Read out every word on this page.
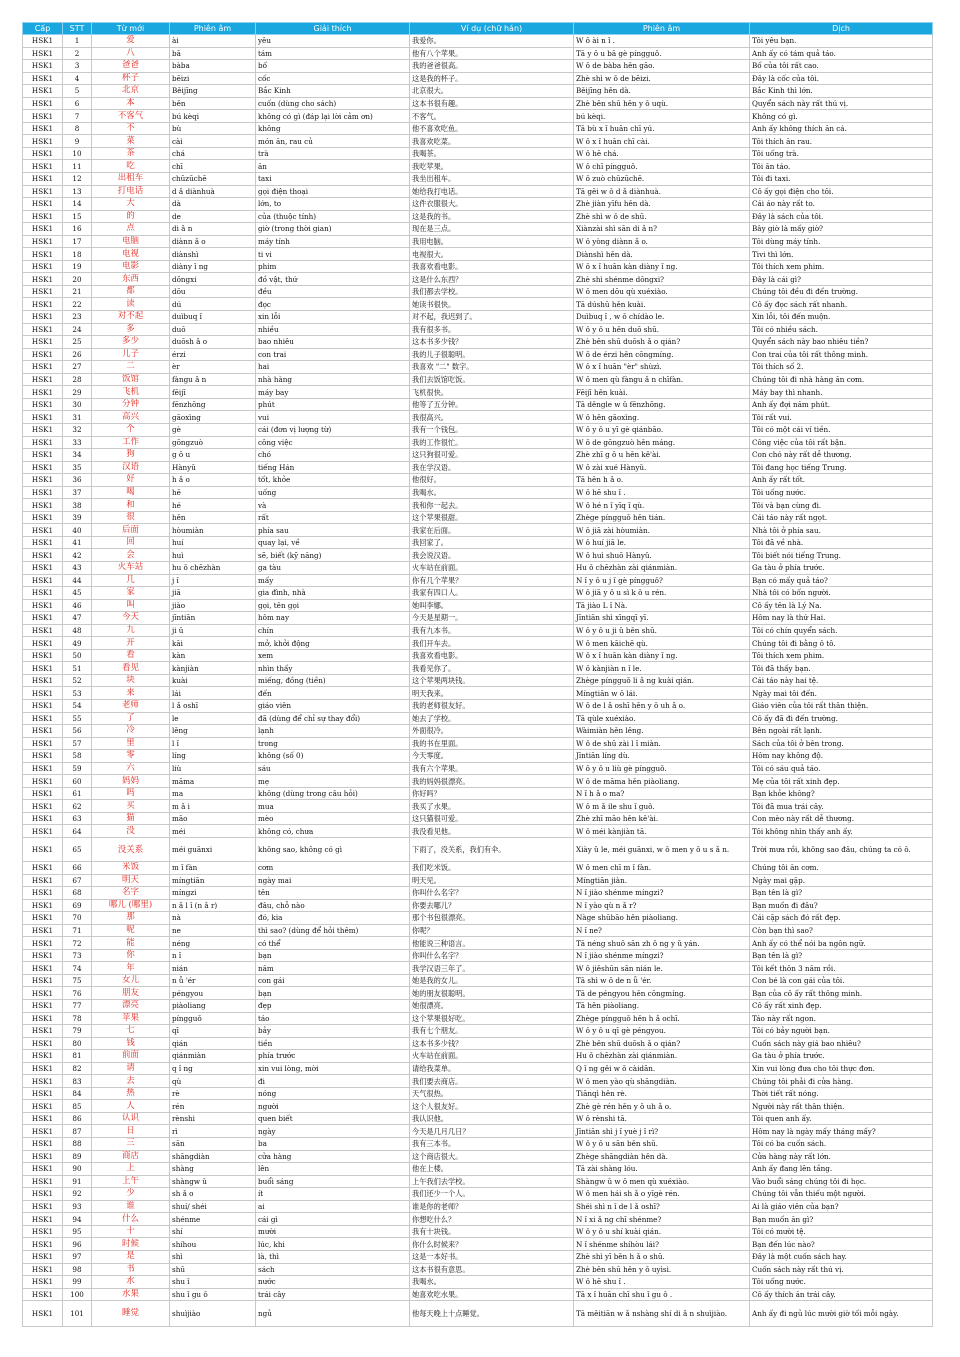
Cấp	STT	Từ mới	Phiên âm	Giải thích	Ví dụ (chữ hán)	Phiên âm	Dịch
HSK1	1	爱	ài	yêu	我爱你。	W ǒ ài n ǐ .	Tôi yêu bạn.
HSK1	2	八	bā	tám	他有八个苹果。	Tā y ǒ u bā gè píngguǒ.	Anh ấy có tám quả táo.
HSK1	3	爸爸	bàba	bố	我的爸爸很高。	W ǒ de bàba hěn gāo.	Bố của tôi rất cao.
HSK1	4	杯子	bēizi	cốc	这是我的杯子。	Zhè shì w ǒ de bēizi.	Đây là cốc của tôi.
HSK1	5	北京	Běijīng	Bắc Kinh	北京很大。	Běijīng hěn dà.	Bắc Kinh thì lớn.
HSK1	6	本	běn	cuốn (dùng cho sách)	这本书很有趣。	Zhè běn shū hěn y ǒ uqù.	Quyển sách này rất thú vị.
HSK1	7	不客气	bú kèqi	không có gì (đáp lại lời cảm ơn)	不客气。	bú kèqi.	Không có gì.
HSK1	8	不	bù	không	他不喜欢吃鱼。	Tā bù x ǐ huān chī yú.	Anh ấy không thích ăn cá.
HSK1	9	菜	cài	món ăn, rau củ	我喜欢吃菜。	W ǒ x ǐ huān chī cài.	Tôi thích ăn rau.
HSK1	10	茶	chá	trà	我喝茶。	W ǒ hē chá.	Tôi uống trà.
HSK1	11	吃	chī	ăn	我吃苹果。	W ǒ chī píngguǒ.	Tôi ăn táo.
HSK1	12	出租车	chūzūchē	taxi	我坐出租车。	W ǒ zuò chūzūchē.	Tôi đi taxi.
HSK1	13	打电话	d ǎ diànhuà	gọi điện thoại	她给我打电话。	Tā gěi w ǒ d ǎ diànhuà.	Cô ấy gọi điện cho tôi.
HSK1	14	大	dà	lớn, to	这件衣服很大。	Zhè jiàn yīfu hěn dà.	Cái áo này rất to.
HSK1	15	的	de	của (thuộc tính)	这是我的书。	Zhè shì w ǒ de shū.	Đây là sách của tôi.
HSK1	16	点	di ǎ n	giờ (trong thời gian)	现在是三点。	Xiànzài shì sān di ǎ n?	Bây giờ là mấy giờ?
HSK1	17	电脑	diànn ǎ o	máy tính	我用电脑。	W ǒ yòng diànn ǎ o.	Tôi dùng máy tính.
HSK1	18	电视	diànshì	ti vi	电视很大。	Diànshì hěn dà.	Tivi thì lớn.
HSK1	19	电影	diàny ǐ ng	phim	我喜欢看电影。	W ǒ x ǐ huān kàn diàny ǐ ng.	Tôi thích xem phim.
HSK1	20	东西	dōngxi	đồ vật, thứ	这是什么东西？	Zhè shì shénme dōngxi?	Đây là cái gì?
HSK1	21	都	dōu	đều	我们都去学校。	W ǒ men dōu qù xuéxiào.	Chúng tôi đều đi đến trường.
HSK1	22	读	dú	đọc	她读书很快。	Tā dúshū hěn kuài.	Cô ấy đọc sách rất nhanh.
HSK1	23	对不起	duìbuq ǐ	xin lỗi	对不起，我迟到了。	Duìbuq ǐ , w ǒ chídào le.	Xin lỗi, tôi đến muộn.
HSK1	24	多	duō	nhiều	我有很多书。	W ǒ y ǒ u hěn duō shū.	Tôi có nhiều sách.
HSK1	25	多少	duōsh ǎ o	bao nhiêu	这本书多少钱？	Zhè běn shū duōsh ǎ o qián?	Quyển sách này bao nhiêu tiền?
HSK1	26	儿子	érzi	con trai	我的儿子很聪明。	W ǒ de érzi hěn cōngmíng.	Con trai của tôi rất thông minh.
HSK1	27	二	èr	hai	我喜欢 "二" 数字。	W ǒ x ǐ huān "èr" shùzì.	Tôi thích số 2.
HSK1	28	饭馆	fàngu ǎ n	nhà hàng	我们去饭馆吃饭。	W ǒ men qù fàngu ǎ n chīfàn.	Chúng tôi đi nhà hàng ăn cơm.
HSK1	29	飞机	fēijī	máy bay	飞机很快。	Fēijī hěn kuài.	Máy bay thì nhanh.
HSK1	30	分钟	fēnzhōng	phút	他等了五分钟。	Tā děngle w ǔ fēnzhōng.	Anh ấy đợi năm phút.
HSK1	31	高兴	gāoxìng	vui	我很高兴。	W ǒ hěn gāoxìng.	Tôi rất vui.
HSK1	32	个	gè	cái (đơn vị lượng từ)	我有一个钱包。	W ǒ y ǒ u yī gè qiánbāo.	Tôi có một cái ví tiền.
HSK1	33	工作	gōngzuò	công việc	我的工作很忙。	W ǒ de gōngzuò hěn máng.	Công việc của tôi rất bận.
HSK1	34	狗	g ǒ u	chó	这只狗很可爱。	Zhè zhī g ǒ u hěn kě'ài.	Con chó này rất dễ thương.
HSK1	35	汉语	Hànyǔ	tiếng Hán	我在学汉语。	W ǒ zài xué Hànyǔ.	Tôi đang học tiếng Trung.
HSK1	36	好	h ǎ o	tốt, khỏe	他很好。	Tā hěn h ǎ o.	Anh ấy rất tốt.
HSK1	37	喝	hē	uống	我喝水。	W ǒ hē shu ǐ .	Tôi uống nước.
HSK1	38	和	hé	và	我和你一起去。	W ǒ hé n ǐ yīq ǐ qù.	Tôi và bạn cùng đi.
HSK1	39	很	hěn	rất	这个苹果很甜。	Zhège píngguǒ hěn tián.	Cái táo này rất ngọt.
HSK1	40	后面	hòumiàn	phía sau	我家在后面。	W ǒ jiā zài hòumiàn.	Nhà tôi ở phía sau.
HSK1	41	回	huí	quay lại, về	我回家了。	W ǒ huí jiā le.	Tôi đã về nhà.
HSK1	42	会	huì	sẽ, biết (kỹ năng)	我会说汉语。	W ǒ huì shuō Hànyǔ.	Tôi biết nói tiếng Trung.
HSK1	43	火车站	hu ǒ chēzhàn	ga tàu	火车站在前面。	Hu ǒ chēzhàn zài qiánmiàn.	Ga tàu ở phía trước.
HSK1	44	几	j ǐ	mấy	你有几个苹果？	N ǐ y ǒ u j ǐ gè píngguǒ?	Bạn có mấy quả táo?
HSK1	45	家	jiā	gia đình, nhà	我家有四口人。	W ǒ jiā y ǒ u sì k ǒ u rén.	Nhà tôi có bốn người.
HSK1	46	叫	jiào	gọi, tên gọi	她叫李娜。	Tā jiào L ǐ Nà.	Cô ấy tên là Lý Na.
HSK1	47	今天	jīntiān	hôm nay	今天是星期一。	Jīntiān shì xīngqī yī.	Hôm nay là thứ Hai.
HSK1	48	九	ji ǔ	chín	我有九本书。	W ǒ y ǒ u ji ǔ běn shū.	Tôi có chín quyển sách.
HSK1	49	开	kāi	mở, khởi động	我们开车去。	W ǒ men kāichē qù.	Chúng tôi đi bằng ô tô.
HSK1	50	看	kàn	xem	我喜欢看电影。	W ǒ x ǐ huān kàn diàny ǐ ng.	Tôi thích xem phim.
HSK1	51	看见	kànjiàn	nhìn thấy	我看见你了。	W ǒ kànjiàn n ǐ le.	Tôi đã thấy bạn.
HSK1	52	块	kuài	miếng, đồng (tiền)	这个苹果两块钱。	Zhège píngguǒ li ǎ ng kuài qián.	Cái táo này hai tệ.
HSK1	53	来	lái	đến	明天我来。	Míngtiān w ǒ lái.	Ngày mai tôi đến.
HSK1	54	老师	l ǎ oshī	giáo viên	我的老师很友好。	W ǒ de l ǎ oshī hěn y ǒ uh ǎ o.	Giáo viên của tôi rất thân thiện.
HSK1	55	了	le	đã (dùng để chỉ sự thay đổi)	她去了学校。	Tā qùle xuéxiào.	Cô ấy đã đi đến trường.
HSK1	56	冷	lěng	lạnh	外面很冷。	Wàimiàn hěn lěng.	Bên ngoài rất lạnh.
HSK1	57	里	l ǐ	trong	我的书在里面。	W ǒ de shū zài l ǐ miàn.	Sách của tôi ở bên trong.
HSK1	58	零	líng	không (số 0)	今天零度。	Jīntiān líng dù.	Hôm nay không độ.
HSK1	59	六	liù	sáu	我有六个苹果。	W ǒ y ǒ u liù gè píngguǒ.	Tôi có sáu quả táo.
HSK1	60	妈妈	māma	mẹ	我的妈妈很漂亮。	W ǒ de māma hěn piàoliang.	Mẹ của tôi rất xinh đẹp.
HSK1	61	吗	ma	không (dùng trong câu hỏi)	你好吗？	N ǐ h ǎ o ma?	Bạn khỏe không?
HSK1	62	买	m ǎ i	mua	我买了水果。	W ǒ m ǎ ile shu ǐ guǒ.	Tôi đã mua trái cây.
HSK1	63	猫	māo	mèo	这只猫很可爱。	Zhè zhī māo hěn kě'ài.	Con mèo này rất dễ thương.
HSK1	64	没	méi	không có, chưa	我没看见他。	W ǒ méi kànjiàn tā.	Tôi không nhìn thấy anh ấy.
HSK1	65	没关系	méi guānxi	không sao, không có gì	下雨了，没关系，我们有伞。	Xiày ǔ le, méi guānxi, w ǒ men y ǒ u s ǎ n.	Trời mưa rồi, không sao đâu, chúng ta có ô.
HSK1	66	米饭	m ǐ fàn	cơm	我们吃米饭。	W ǒ men chī m ǐ fàn.	Chúng tôi ăn cơm.
HSK1	67	明天	míngtiān	ngày mai	明天见。	Míngtiān jiàn.	Ngày mai gặp.
HSK1	68	名字	míngzi	tên	你叫什么名字？	N ǐ jiào shénme míngzi?	Bạn tên là gì?
HSK1	69	哪儿 (哪里)	n ǎ l ǐ (n ǎ r)	đâu, chỗ nào	你要去哪儿？	N ǐ yào qù n ǎ r?	Bạn muốn đi đâu?
HSK1	70	那	nà	đó, kia	那个书包很漂亮。	Nàge shūbāo hěn piàoliang.	Cái cặp sách đó rất đẹp.
HSK1	71	呢	ne	thì sao? (dùng để hỏi thêm)	你呢？	N ǐ ne?	Còn bạn thì sao?
HSK1	72	能	néng	có thể	他能说三种语言。	Tā néng shuō sān zh ǒ ng y ǔ yán.	Anh ấy có thể nói ba ngôn ngữ.
HSK1	73	你	n ǐ	bạn	你叫什么名字？	N ǐ jiào shénme míngzi?	Bạn tên là gì?
HSK1	74	年	nián	năm	我学汉语三年了。	W ǒ jiěshūn sān nián le.	Tôi kết thôn 3 năm rồi.
HSK1	75	女儿	n ǚ 'ér	con gái	她是我的女儿。	Tā shì w ǒ de n ǚ 'ér.	Con bé là con gái của tôi.
HSK1	76	朋友	péngyou	bạn	她的朋友很聪明。	Tā de péngyou hěn cōngmíng.	Bạn của cô ấy rất thông minh.
HSK1	77	漂亮	piàoliang	đẹp	她很漂亮。	Tā hěn piàoliang.	Cô ấy rất xinh đẹp.
HSK1	78	苹果	píngguǒ	táo	这个苹果很好吃。	Zhège píngguǒ hěn h ǎ ochī.	Táo này rất ngon.
HSK1	79	七	qī	bảy	我有七个朋友。	W ǒ y ǒ u qī gè péngyou.	Tôi có bảy người bạn.
HSK1	80	钱	qián	tiền	这本书多少钱？	Zhè běn shū duōsh ǎ o qián?	Cuốn sách này giá bao nhiêu?
HSK1	81	前面	qiánmiàn	phía trước	火车站在前面。	Hu ǒ chēzhàn zài qiánmiàn.	Ga tàu ở phía trước.
HSK1	82	请	q ǐ ng	xin vui lòng, mời	请给我菜单。	Q ǐ ng gěi w ǒ càidān.	Xin vui lòng đưa cho tôi thực đơn.
HSK1	83	去	qù	đi	我们要去商店。	W ǒ men yào qù shāngdiàn.	Chúng tôi phải đi cửa hàng.
HSK1	84	热	rè	nóng	天气很热。	Tiānqì hěn rè.	Thời tiết rất nóng.
HSK1	85	人	rén	người	这个人很友好。	Zhè gè rén hěn y ǒ uh ǎ o.	Người này rất thân thiện.
HSK1	86	认识	rènshi	quen biết	我认识他。	W ǒ rènshi tā.	Tôi quen anh ấy.
HSK1	87	日	rì	ngày	今天是几月几日？	Jīntiān shì j ǐ yuè j ǐ rì?	Hôm nay là ngày mấy tháng mấy?
HSK1	88	三	sān	ba	我有三本书。	W ǒ y ǒ u sān běn shū.	Tôi có ba cuốn sách.
HSK1	89	商店	shāngdiàn	cửa hàng	这个商店很大。	Zhège shāngdiàn hěn dà.	Cửa hàng này rất lớn.
HSK1	90	上	shàng	lên	他在上楼。	Tā zài shàng lóu.	Anh ấy đang lên tầng.
HSK1	91	上午	shàngw ǔ	buổi sáng	上午我们去学校。	Shàngw ǔ w ǒ men qù xuéxiào.	Vào buổi sáng chúng tôi đi học.
HSK1	92	少	sh ǎ o	ít	我们还少一个人。	W ǒ men hái sh ǎ o yīgè rén.	Chúng tôi vẫn thiếu một người.
HSK1	93	谁	shuí/ shéi	ai	谁是你的老师？	Shéi shì n ǐ de l ǎ oshī?	Ai là giáo viên của bạn?
HSK1	94	什么	shénme	cái gì	你想吃什么？	N ǐ xi ǎ ng chī shénme?	Bạn muốn ăn gì?
HSK1	95	十	shí	mười	我有十块钱。	W ǒ y ǒ u shí kuài qián.	Tôi có mười tệ.
HSK1	96	时候	shíhou	lúc, khi	你什么时候来？	N ǐ shénme shíhòu lái?	Bạn đến lúc nào?
HSK1	97	是	shì	là, thì	这是一本好书。	Zhè shì yī běn h ǎ o shū.	Đây là một cuốn sách hay.
HSK1	98	书	shū	sách	这本书很有意思。	Zhè běn shū hěn y ǒ uyìsi.	Cuốn sách này rất thú vị.
HSK1	99	水	shu ǐ	nước	我喝水。	W ǒ hē shu ǐ .	Tôi uống nước.
HSK1	100	水果	shu ǐ gu ǒ	trái cây	她喜欢吃水果。	Tā x ǐ huān chī shu ǐ gu ǒ .	Cô ấy thích ăn trái cây.
HSK1	101	睡觉	shuìjiào	ngủ	他每天晚上十点睡觉。	Tā měitiān w ǎ nshàng shí di ǎ n shuìjiào.	Anh ấy đi ngủ lúc mười giờ tối mỗi ngày.
